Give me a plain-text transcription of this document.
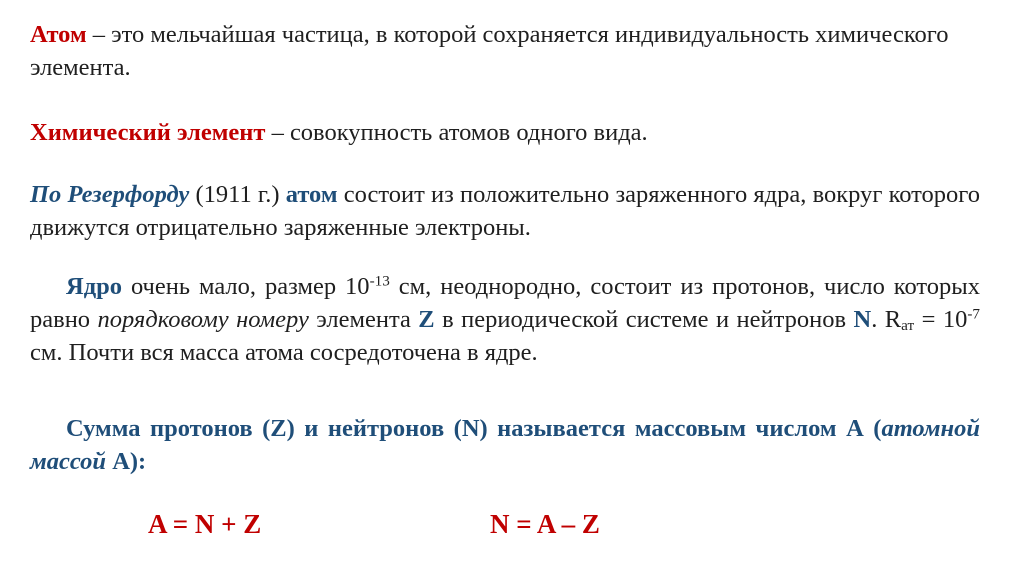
Атом – это мельчайшая частица, в которой сохраняется индивидуальность химического элемента.

Химический элемент – совокупность атомов одного вида.

По Резерфорду (1911 г.) атом состоит из положительно заряженного ядра, вокруг которого движутся отрицательно заряженные электроны.

Ядро очень мало, размер $10^{-13}$ см, неоднородно, состоит из протонов, число которых равно порядковому номеру элемента Z в периодической системе и нейтронов N. $R_{ат} = 10^{-7}$ см. Почти вся масса атома сосредоточена в ядре.

Сумма протонов (Z) и нейтронов (N) называется массовым числом А (атомной массой А):

A = N + Z	N = A – Z
